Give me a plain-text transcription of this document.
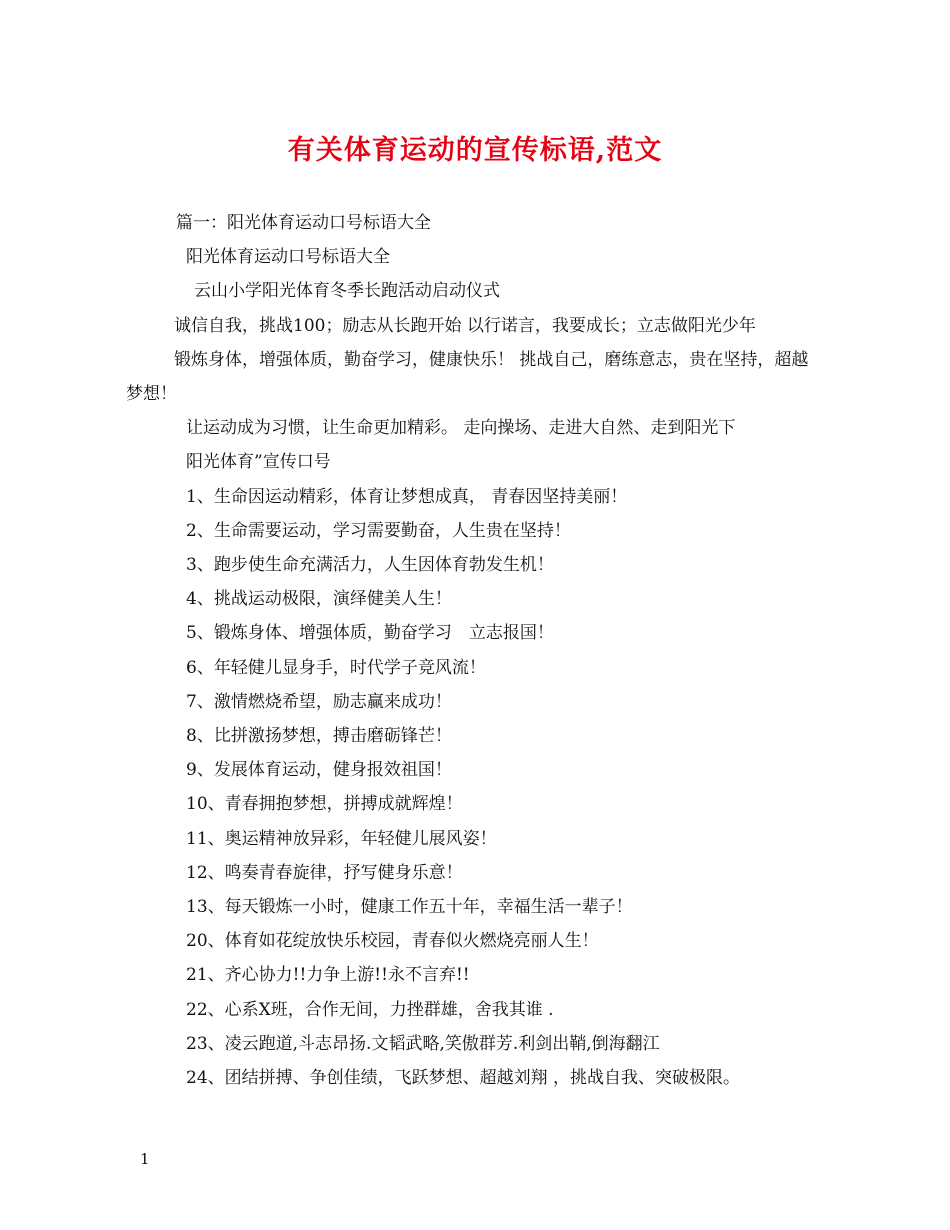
有关体育运动的宣传标语,范文

篇一：阳光体育运动口号标语大全

阳光体育运动口号标语大全

云山小学阳光体育冬季长跑活动启动仪式

诚信自我，挑战100；励志从长跑开始 以行诺言，我要成长；立志做阳光少年

锻炼身体，增强体质，勤奋学习，健康快乐！ 挑战自己，磨练意志，贵在坚持，超越梦想！

让运动成为习惯，让生命更加精彩。 走向操场、走进大自然、走到阳光下

阳光体育”宣传口号

1、生命因运动精彩，体育让梦想成真， 青春因坚持美丽！

2、生命需要运动，学习需要勤奋，人生贵在坚持！

3、跑步使生命充满活力，人生因体育勃发生机！

4、挑战运动极限，演绎健美人生！

5、锻炼身体、增强体质，勤奋学习　立志报国！

6、年轻健儿显身手，时代学子竞风流！

7、激情燃烧希望，励志赢来成功！

8、比拼激扬梦想，搏击磨砺锋芒！

9、发展体育运动，健身报效祖国！

10、青春拥抱梦想，拼搏成就辉煌！

11、奥运精神放异彩，年轻健儿展风姿！

12、鸣奏青春旋律，抒写健身乐意！

13、每天锻炼一小时，健康工作五十年，幸福生活一辈子！

20、体育如花绽放快乐校园，青春似火燃烧亮丽人生！

21、齐心协力!!力争上游!!永不言弃!!

22、心系X班，合作无间，力挫群雄，舍我其谁 .

23、凌云跑道,斗志昂扬.文韬武略,笑傲群芳.利剑出鞘,倒海翻江

24、团结拼搏、争创佳绩，飞跃梦想、超越刘翔 ，挑战自我、突破极限。

1
